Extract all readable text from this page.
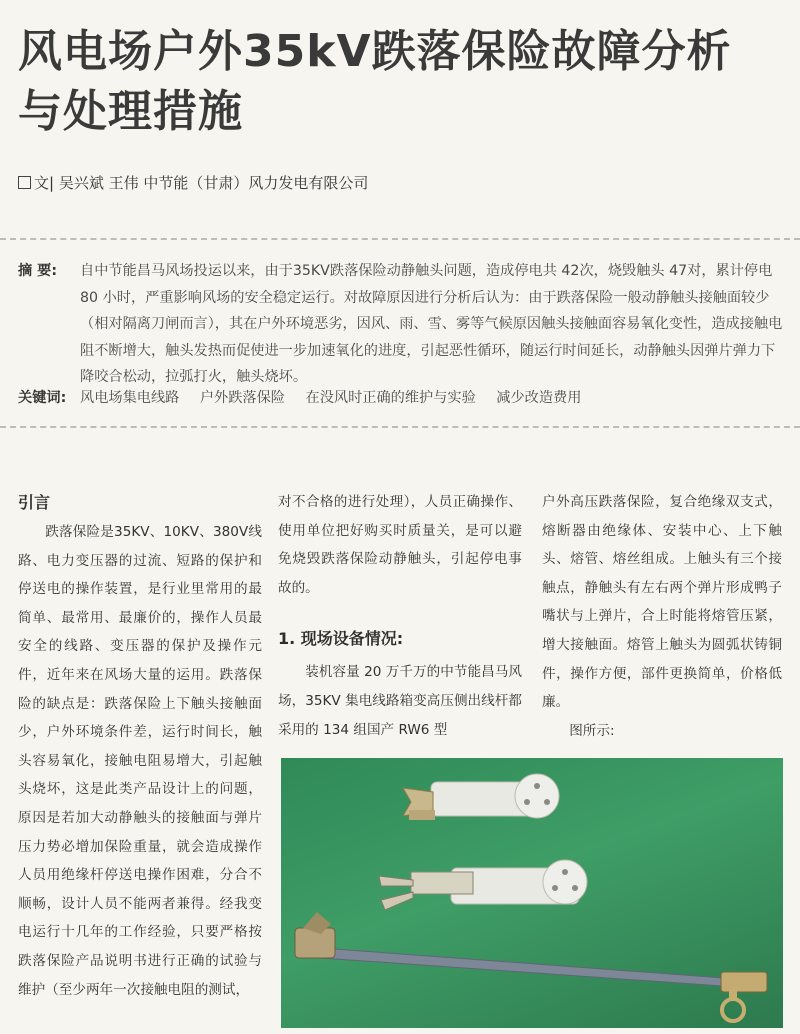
风电场户外35kV跌落保险故障分析
与处理措施
文| 吴兴斌 王伟 中节能（甘肃）风力发电有限公司
摘 要:	自中节能昌马风场投运以来，由于35KV跌落保险动静触头问题，造成停电共 42次，烧毁触头 47对，累计停电 80 小时，严重影响风场的安全稳定运行。对故障原因进行分析后认为：由于跌落保险一般动静触头接触面较少（相对隔离刀闸而言），其在户外环境恶劣，因风、雨、雪、雾等气候原因触头接触面容易氧化变性，造成接触电阻不断增大，触头发热而促使进一步加速氧化的进度，引起恶性循环，随运行时间延长，动静触头因弹片弹力下降咬合松动，拉弧打火，触头烧坏。
关键词: 风电场集电线路 户外跌落保险 在没风时正确的维护与实验 减少改造费用
引言

跌落保险是35KV、10KV、380V线路、电力变压器的过流、短路的保护和停送电的操作装置，是行业里常用的最简单、最常用、最廉价的，操作人员最安全的线路、变压器的保护及操作元件，近年来在风场大量的运用。跌落保险的缺点是：跌落保险上下触头接触面少，户外环境条件差，运行时间长，触头容易氧化，接触电阻易增大，引起触头烧坏，这是此类产品设计上的问题，原因是若加大动静触头的接触面与弹片压力势必增加保险重量，就会造成操作人员用绝缘杆停送电操作困难，分合不顺畅，设计人员不能两者兼得。经我变电运行十几年的工作经验，只要严格按跌落保险产品说明书进行正确的试验与维护（至少两年一次接触电阻的测试，

对不合格的进行处理），人员正确操作、使用单位把好购买时质量关，是可以避免烧毁跌落保险动静触头，引起停电事故的。

1. 现场设备情况:

装机容量 20 万千万的中节能昌马风场，35KV 集电线路箱变高压侧出线杆都采用的 134 组国产 RW6 型

户外高压跌落保险，复合绝缘双支式，熔断器由绝缘体、安装中心、上下触头、熔管、熔丝组成。上触头有三个接触点，静触头有左右两个弹片形成鸭子嘴状与上弹片，合上时能将熔管压紧，增大接触面。熔管上触头为圆弧状铸铜件，操作方便，部件更换简单，价格低廉。

图所示:
